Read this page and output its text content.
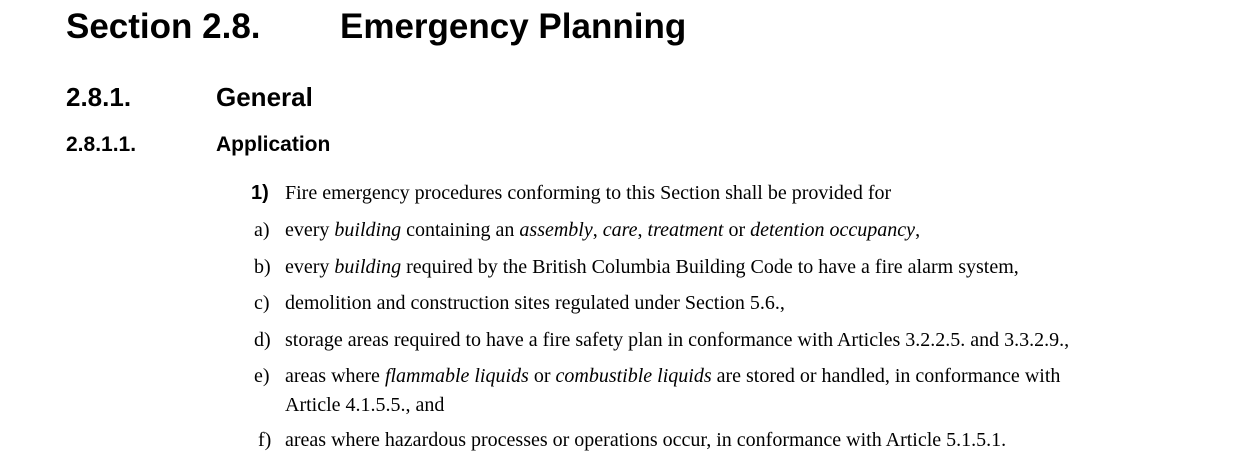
Section 2.8. Emergency Planning
2.8.1.	General
2.8.1.1.	Application
1) Fire emergency procedures conforming to this Section shall be provided for
a) every building containing an assembly, care, treatment or detention occupancy,
b) every building required by the British Columbia Building Code to have a fire alarm system,
c) demolition and construction sites regulated under Section 5.6.,
d) storage areas required to have a fire safety plan in conformance with Articles 3.2.2.5. and 3.3.2.9.,
e) areas where flammable liquids or combustible liquids are stored or handled, in conformance with
Article 4.1.5.5., and
f) areas where hazardous processes or operations occur, in conformance with Article 5.1.5.1.
